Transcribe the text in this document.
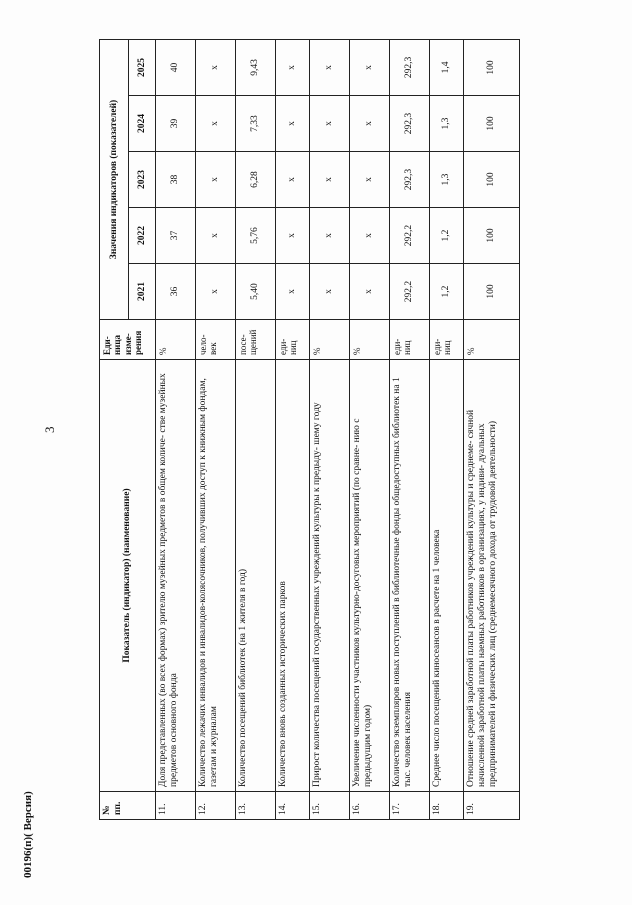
3
00196(п)( Версия)	№ пп.	Показатель (индикатор) (наименование)	Еди- ница изме- рения	Значения индикаторов (показателей)				
			2021	2022	2023	2024	2025
11.	Доля представленных (во всех формах) зрителю музейных предметов в общем количе- стве музейных предметов основного фонда	%	36	37	38	39	40
12.	Количество лежачих инвалидов и инвалидов-колясочников, получивших доступ к книжным фондам, газетам и журналам	чело- век	x	x	x	x	x
13.	Количество посещений библиотек (на 1 жителя в год)	посе- щений	5,40	5,76	6,28	7,33	9,43
14.	Количество вновь созданных исторических парков	еди- ниц	x	x	x	x	x
15.	Прирост количества посещений государственных учреждений культуры к предыду- шему году	%	x	x	x	x	x
16.	Увеличение численности участников культурно-досуговых мероприятий (по сравне- нию с предыдущим годом)	%	x	x	x	x	x
17.	Количество экземпляров новых поступлений в библиотечные фонды общедоступных библиотек на 1 тыс. человек населения	еди- ниц	292,2	292,2	292,3	292,3	292,3
18.	Среднее число посещений киносеансов в расчете на 1 человека	еди- ниц	1,2	1,2	1,3	1,3	1,4
19.	Отношение средней заработной платы работников учреждений культуры и среднеме- сячной начисленной заработной платы наемных работников в организациях, у индиви- дуальных предпринимателей и физических лиц (среднемесячного дохода от трудовой деятельности)	%	100	100	100	100	100
